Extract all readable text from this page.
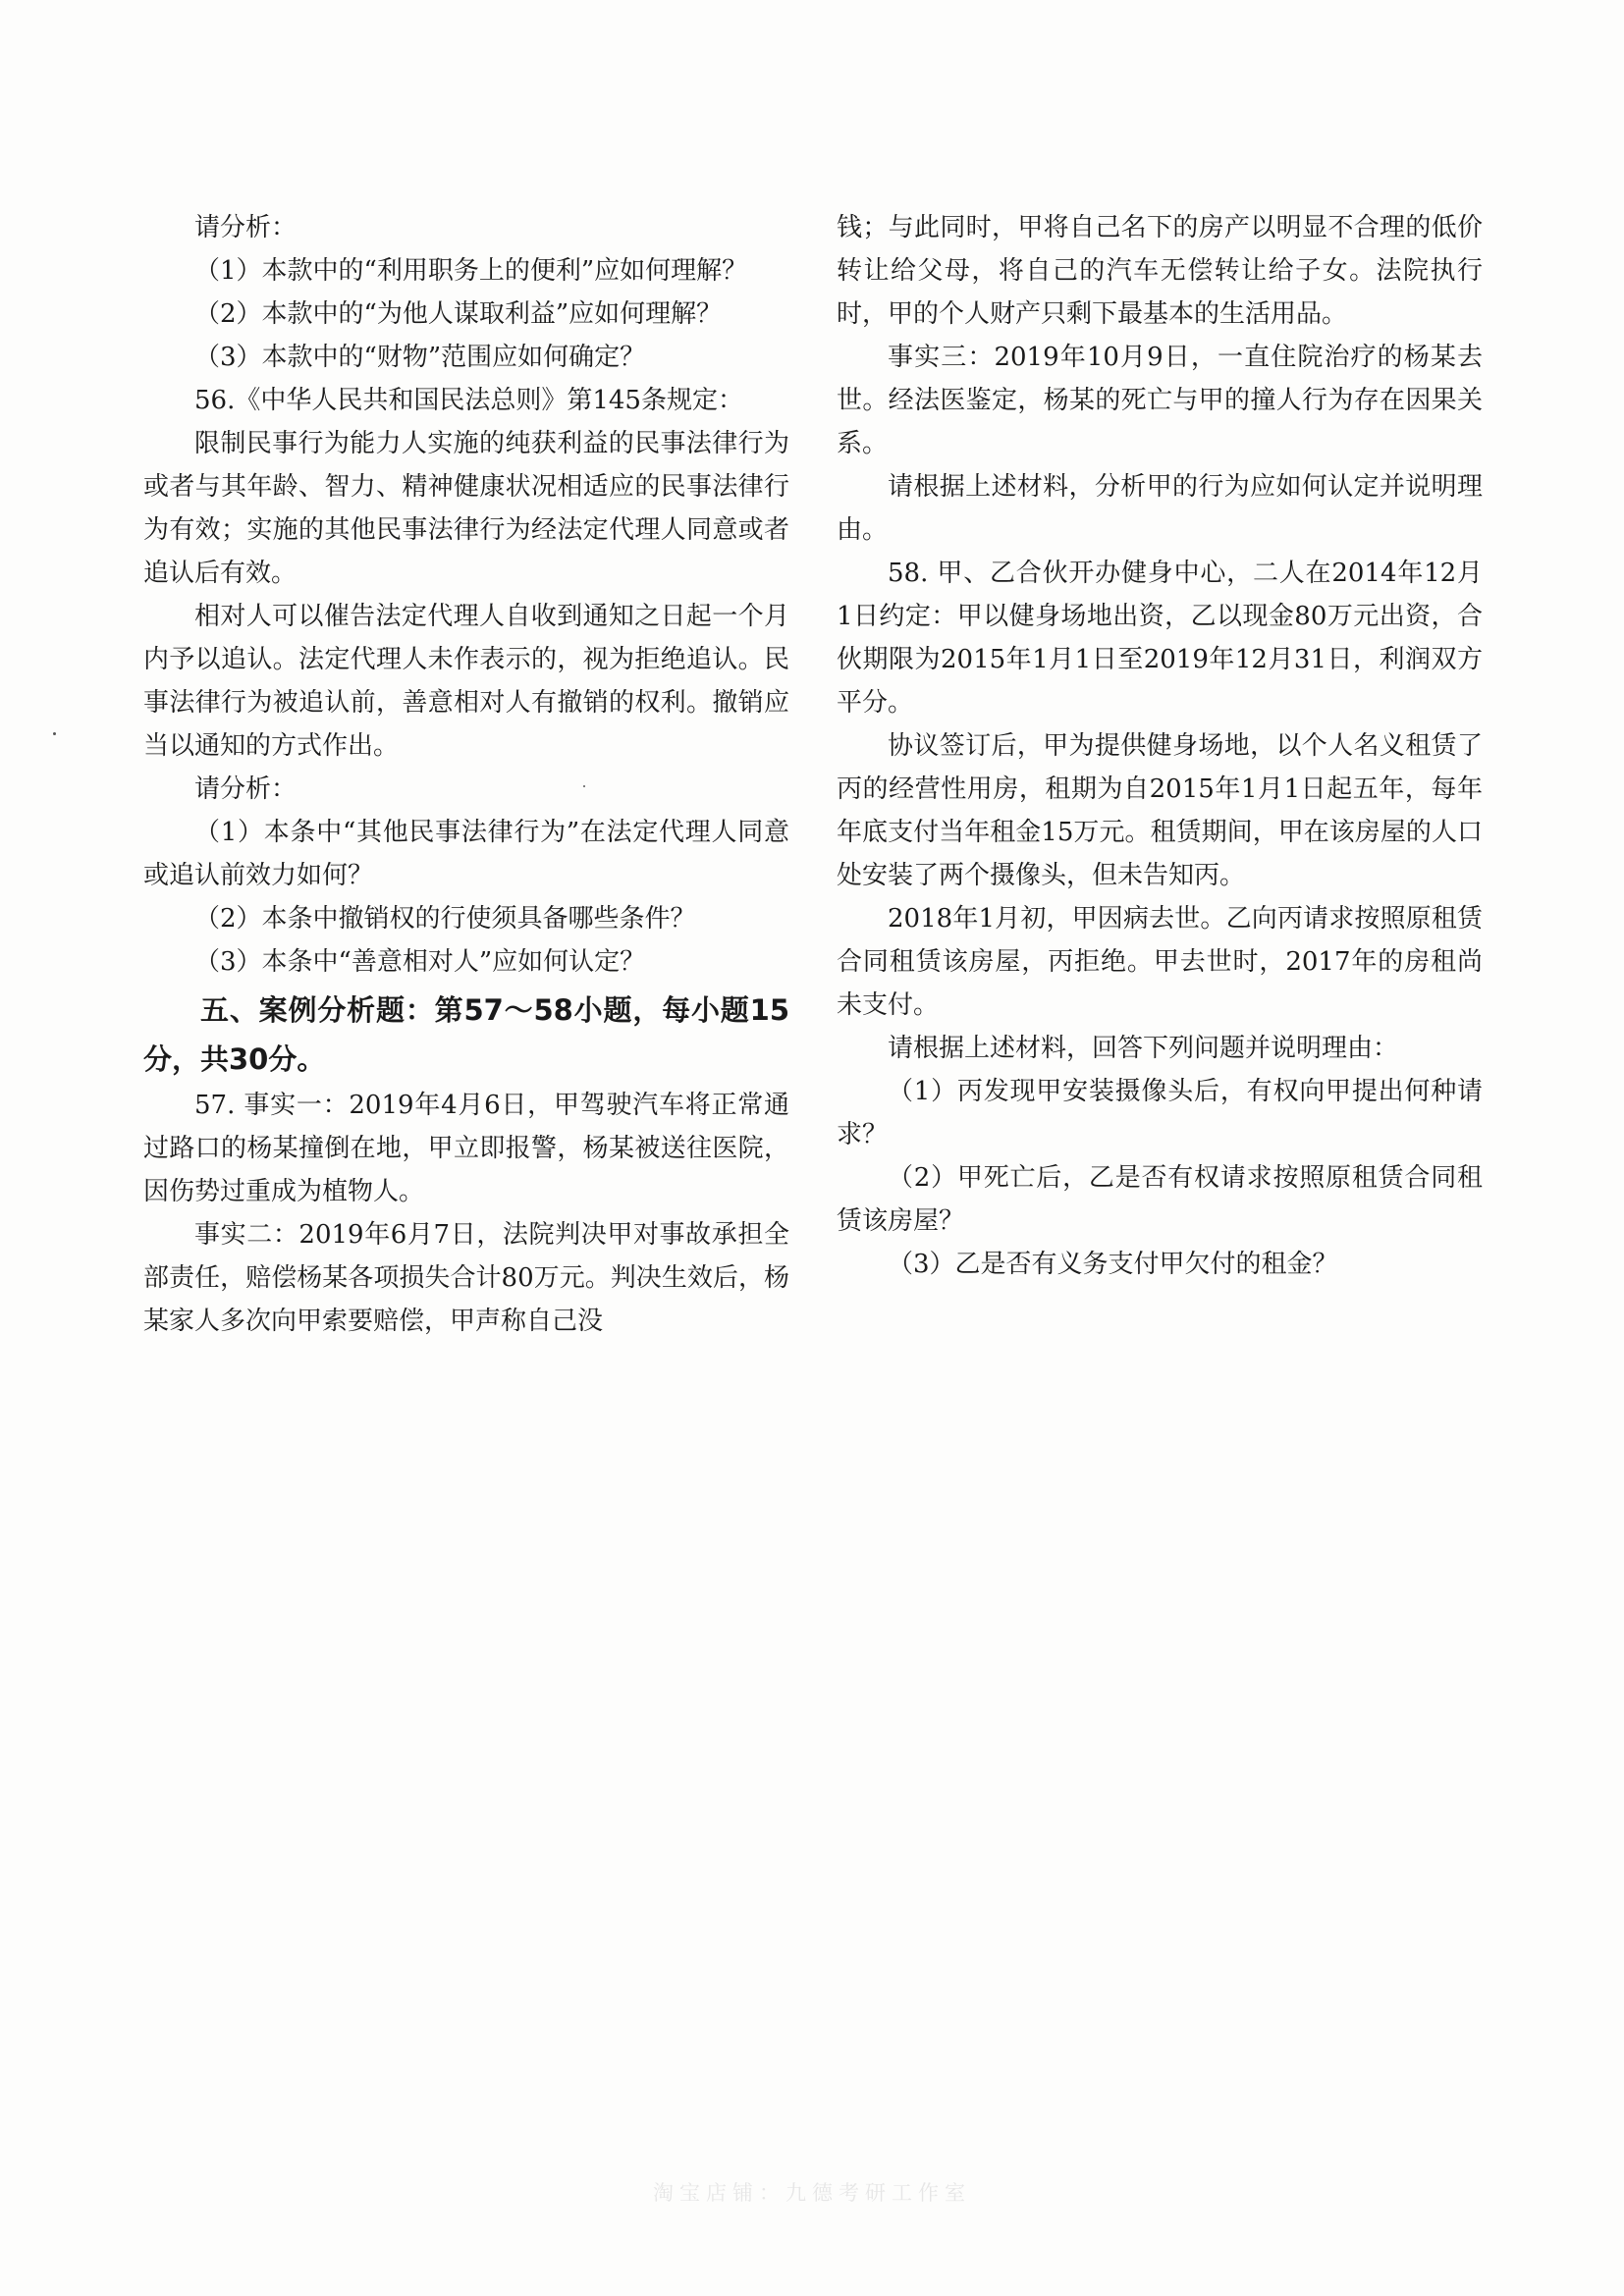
请分析：

（1）本款中的“利用职务上的便利”应如何理解？

（2）本款中的“为他人谋取利益”应如何理解？

（3）本款中的“财物”范围应如何确定？

56.《中华人民共和国民法总则》第145条规定：

限制民事行为能力人实施的纯获利益的民事法律行为或者与其年龄、智力、精神健康状况相适应的民事法律行为有效；实施的其他民事法律行为经法定代理人同意或者追认后有效。

相对人可以催告法定代理人自收到通知之日起一个月内予以追认。法定代理人未作表示的，视为拒绝追认。民事法律行为被追认前，善意相对人有撤销的权利。撤销应当以通知的方式作出。

请分析：

（1）本条中“其他民事法律行为”在法定代理人同意或追认前效力如何？

（2）本条中撤销权的行使须具备哪些条件？

（3）本条中“善意相对人”应如何认定？

五、案例分析题：第57～58小题，每小题15分，共30分。

57. 事实一：2019年4月6日，甲驾驶汽车将正常通过路口的杨某撞倒在地，甲立即报警，杨某被送往医院，因伤势过重成为植物人。

事实二：2019年6月7日，法院判决甲对事故承担全部责任，赔偿杨某各项损失合计80万元。判决生效后，杨某家人多次向甲索要赔偿，甲声称自己没

钱；与此同时，甲将自己名下的房产以明显不合理的低价转让给父母，将自己的汽车无偿转让给子女。法院执行时，甲的个人财产只剩下最基本的生活用品。

事实三：2019年10月9日，一直住院治疗的杨某去世。经法医鉴定，杨某的死亡与甲的撞人行为存在因果关系。

请根据上述材料，分析甲的行为应如何认定并说明理由。

58. 甲、乙合伙开办健身中心，二人在2014年12月1日约定：甲以健身场地出资，乙以现金80万元出资，合伙期限为2015年1月1日至2019年12月31日，利润双方平分。

协议签订后，甲为提供健身场地，以个人名义租赁了丙的经营性用房，租期为自2015年1月1日起五年，每年年底支付当年租金15万元。租赁期间，甲在该房屋的人口处安装了两个摄像头，但未告知丙。

2018年1月初，甲因病去世。乙向丙请求按照原租赁合同租赁该房屋，丙拒绝。甲去世时，2017年的房租尚未支付。

请根据上述材料，回答下列问题并说明理由：

（1）丙发现甲安装摄像头后，有权向甲提出何种请求？

（2）甲死亡后，乙是否有权请求按照原租赁合同租赁该房屋？

（3）乙是否有义务支付甲欠付的租金？

淘宝店铺：九德考研工作室
